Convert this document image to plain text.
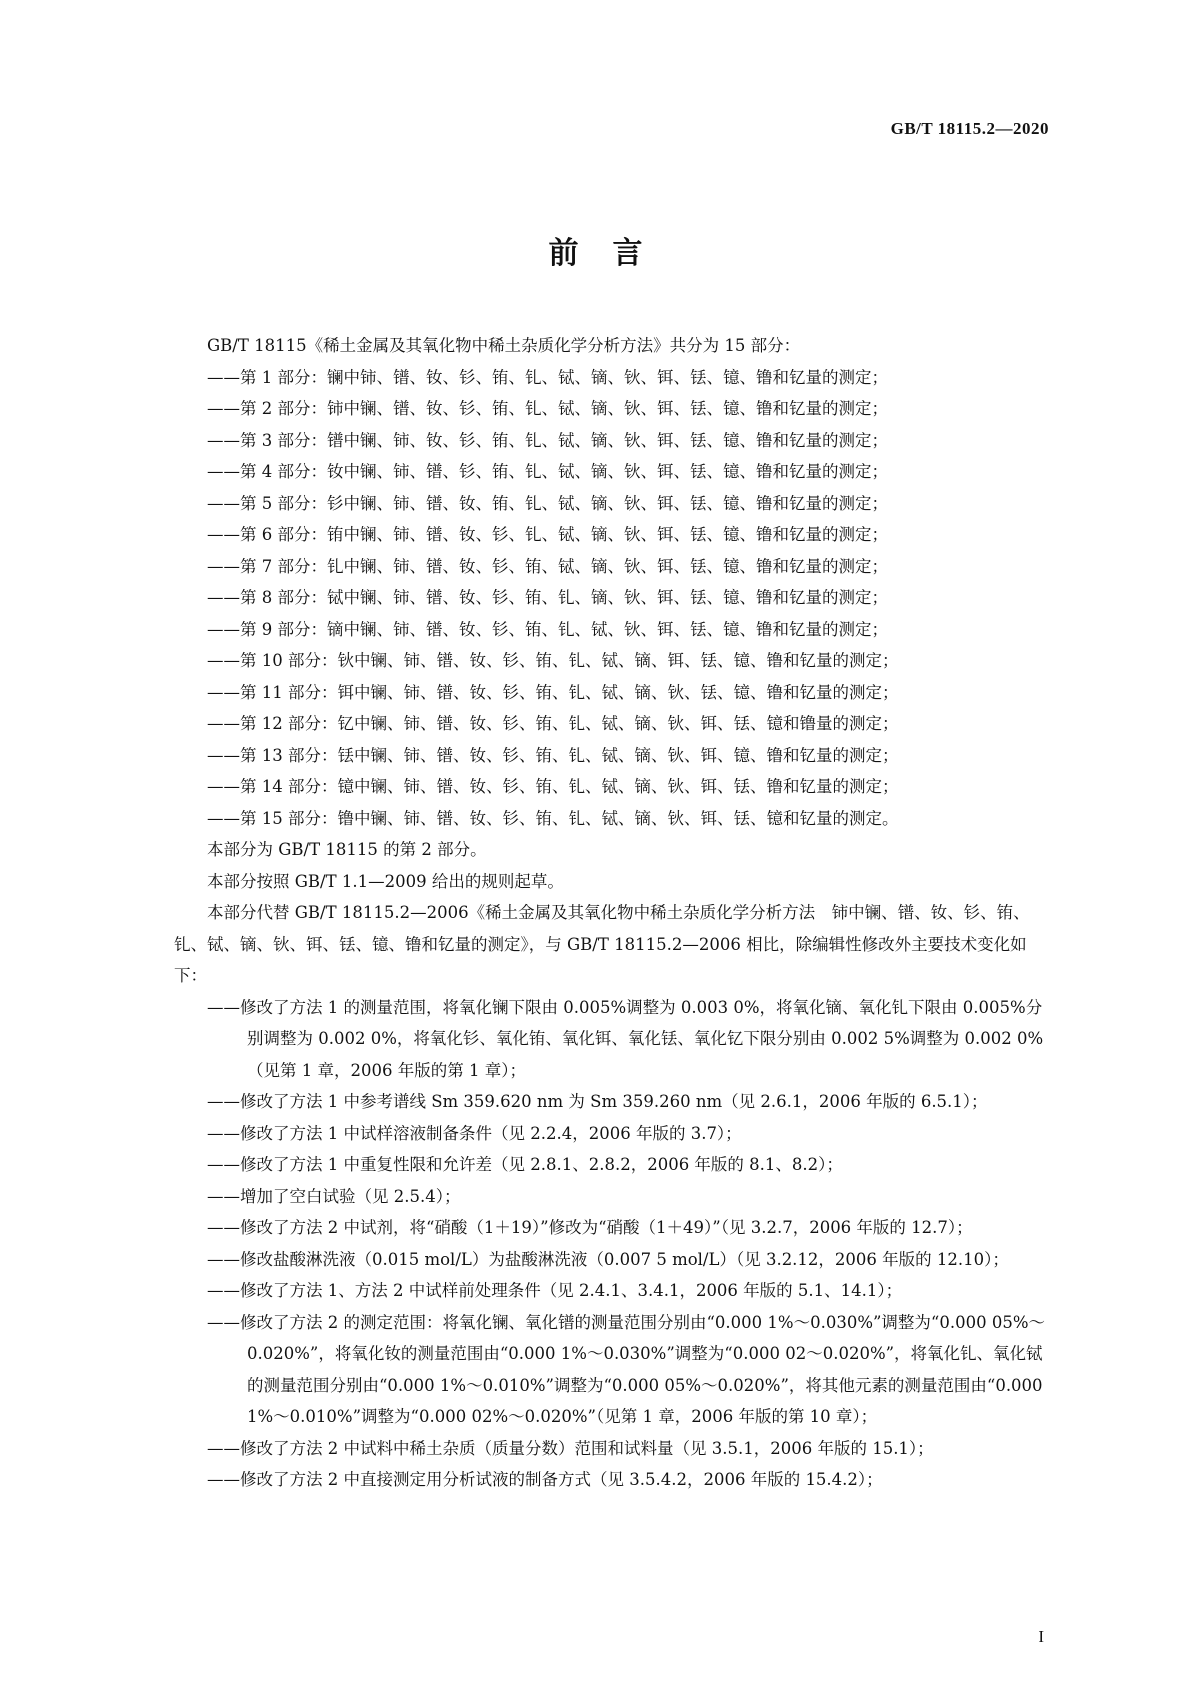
GB/T 18115.2—2020
前言

GB/T 18115《稀土金属及其氧化物中稀土杂质化学分析方法》共分为 15 部分：

——第 1 部分：镧中铈、镨、钕、钐、铕、钆、铽、镝、钬、铒、铥、镱、镥和钇量的测定；

——第 2 部分：铈中镧、镨、钕、钐、铕、钆、铽、镝、钬、铒、铥、镱、镥和钇量的测定；

——第 3 部分：镨中镧、铈、钕、钐、铕、钆、铽、镝、钬、铒、铥、镱、镥和钇量的测定；

——第 4 部分：钕中镧、铈、镨、钐、铕、钆、铽、镝、钬、铒、铥、镱、镥和钇量的测定；

——第 5 部分：钐中镧、铈、镨、钕、铕、钆、铽、镝、钬、铒、铥、镱、镥和钇量的测定；

——第 6 部分：铕中镧、铈、镨、钕、钐、钆、铽、镝、钬、铒、铥、镱、镥和钇量的测定；

——第 7 部分：钆中镧、铈、镨、钕、钐、铕、铽、镝、钬、铒、铥、镱、镥和钇量的测定；

——第 8 部分：铽中镧、铈、镨、钕、钐、铕、钆、镝、钬、铒、铥、镱、镥和钇量的测定；

——第 9 部分：镝中镧、铈、镨、钕、钐、铕、钆、铽、钬、铒、铥、镱、镥和钇量的测定；

——第 10 部分：钬中镧、铈、镨、钕、钐、铕、钆、铽、镝、铒、铥、镱、镥和钇量的测定；

——第 11 部分：铒中镧、铈、镨、钕、钐、铕、钆、铽、镝、钬、铥、镱、镥和钇量的测定；

——第 12 部分：钇中镧、铈、镨、钕、钐、铕、钆、铽、镝、钬、铒、铥、镱和镥量的测定；

——第 13 部分：铥中镧、铈、镨、钕、钐、铕、钆、铽、镝、钬、铒、镱、镥和钇量的测定；

——第 14 部分：镱中镧、铈、镨、钕、钐、铕、钆、铽、镝、钬、铒、铥、镥和钇量的测定；

——第 15 部分：镥中镧、铈、镨、钕、钐、铕、钆、铽、镝、钬、铒、铥、镱和钇量的测定。

本部分为 GB/T 18115 的第 2 部分。

本部分按照 GB/T 1.1—2009 给出的规则起草。

本部分代替 GB/T 18115.2—2006《稀土金属及其氧化物中稀土杂质化学分析方法　铈中镧、镨、钕、钐、铕、钆、铽、镝、钬、铒、铥、镱、镥和钇量的测定》，与 GB/T 18115.2—2006 相比，除编辑性修改外主要技术变化如下：

——修改了方法 1 的测量范围，将氧化镧下限由 0.005%调整为 0.003 0%，将氧化镝、氧化钆下限由 0.005%分别调整为 0.002 0%，将氧化钐、氧化铕、氧化铒、氧化铥、氧化钇下限分别由 0.002 5%调整为 0.002 0%（见第 1 章，2006 年版的第 1 章）；

——修改了方法 1 中参考谱线 Sm 359.620 nm 为 Sm 359.260 nm（见 2.6.1，2006 年版的 6.5.1）；

——修改了方法 1 中试样溶液制备条件（见 2.2.4，2006 年版的 3.7）；

——修改了方法 1 中重复性限和允许差（见 2.8.1、2.8.2，2006 年版的 8.1、8.2）；

——增加了空白试验（见 2.5.4）；

——修改了方法 2 中试剂，将“硝酸（1＋19）”修改为“硝酸（1＋49）”（见 3.2.7，2006 年版的 12.7）；

——修改盐酸淋洗液（0.015 mol/L）为盐酸淋洗液（0.007 5 mol/L）（见 3.2.12，2006 年版的 12.10）；

——修改了方法 1、方法 2 中试样前处理条件（见 2.4.1、3.4.1，2006 年版的 5.1、14.1）；

——修改了方法 2 的测定范围：将氧化镧、氧化镨的测量范围分别由“0.000 1%～0.030%”调整为“0.000 05%～0.020%”，将氧化钕的测量范围由“0.000 1%～0.030%”调整为“0.000 02～0.020%”，将氧化钆、氧化铽的测量范围分别由“0.000 1%～0.010%”调整为“0.000 05%～0.020%”，将其他元素的测量范围由“0.000 1%～0.010%”调整为“0.000 02%～0.020%”（见第 1 章，2006 年版的第 10 章）；

——修改了方法 2 中试料中稀土杂质（质量分数）范围和试料量（见 3.5.1，2006 年版的 15.1）；

——修改了方法 2 中直接测定用分析试液的制备方式（见 3.5.4.2，2006 年版的 15.4.2）；

I
